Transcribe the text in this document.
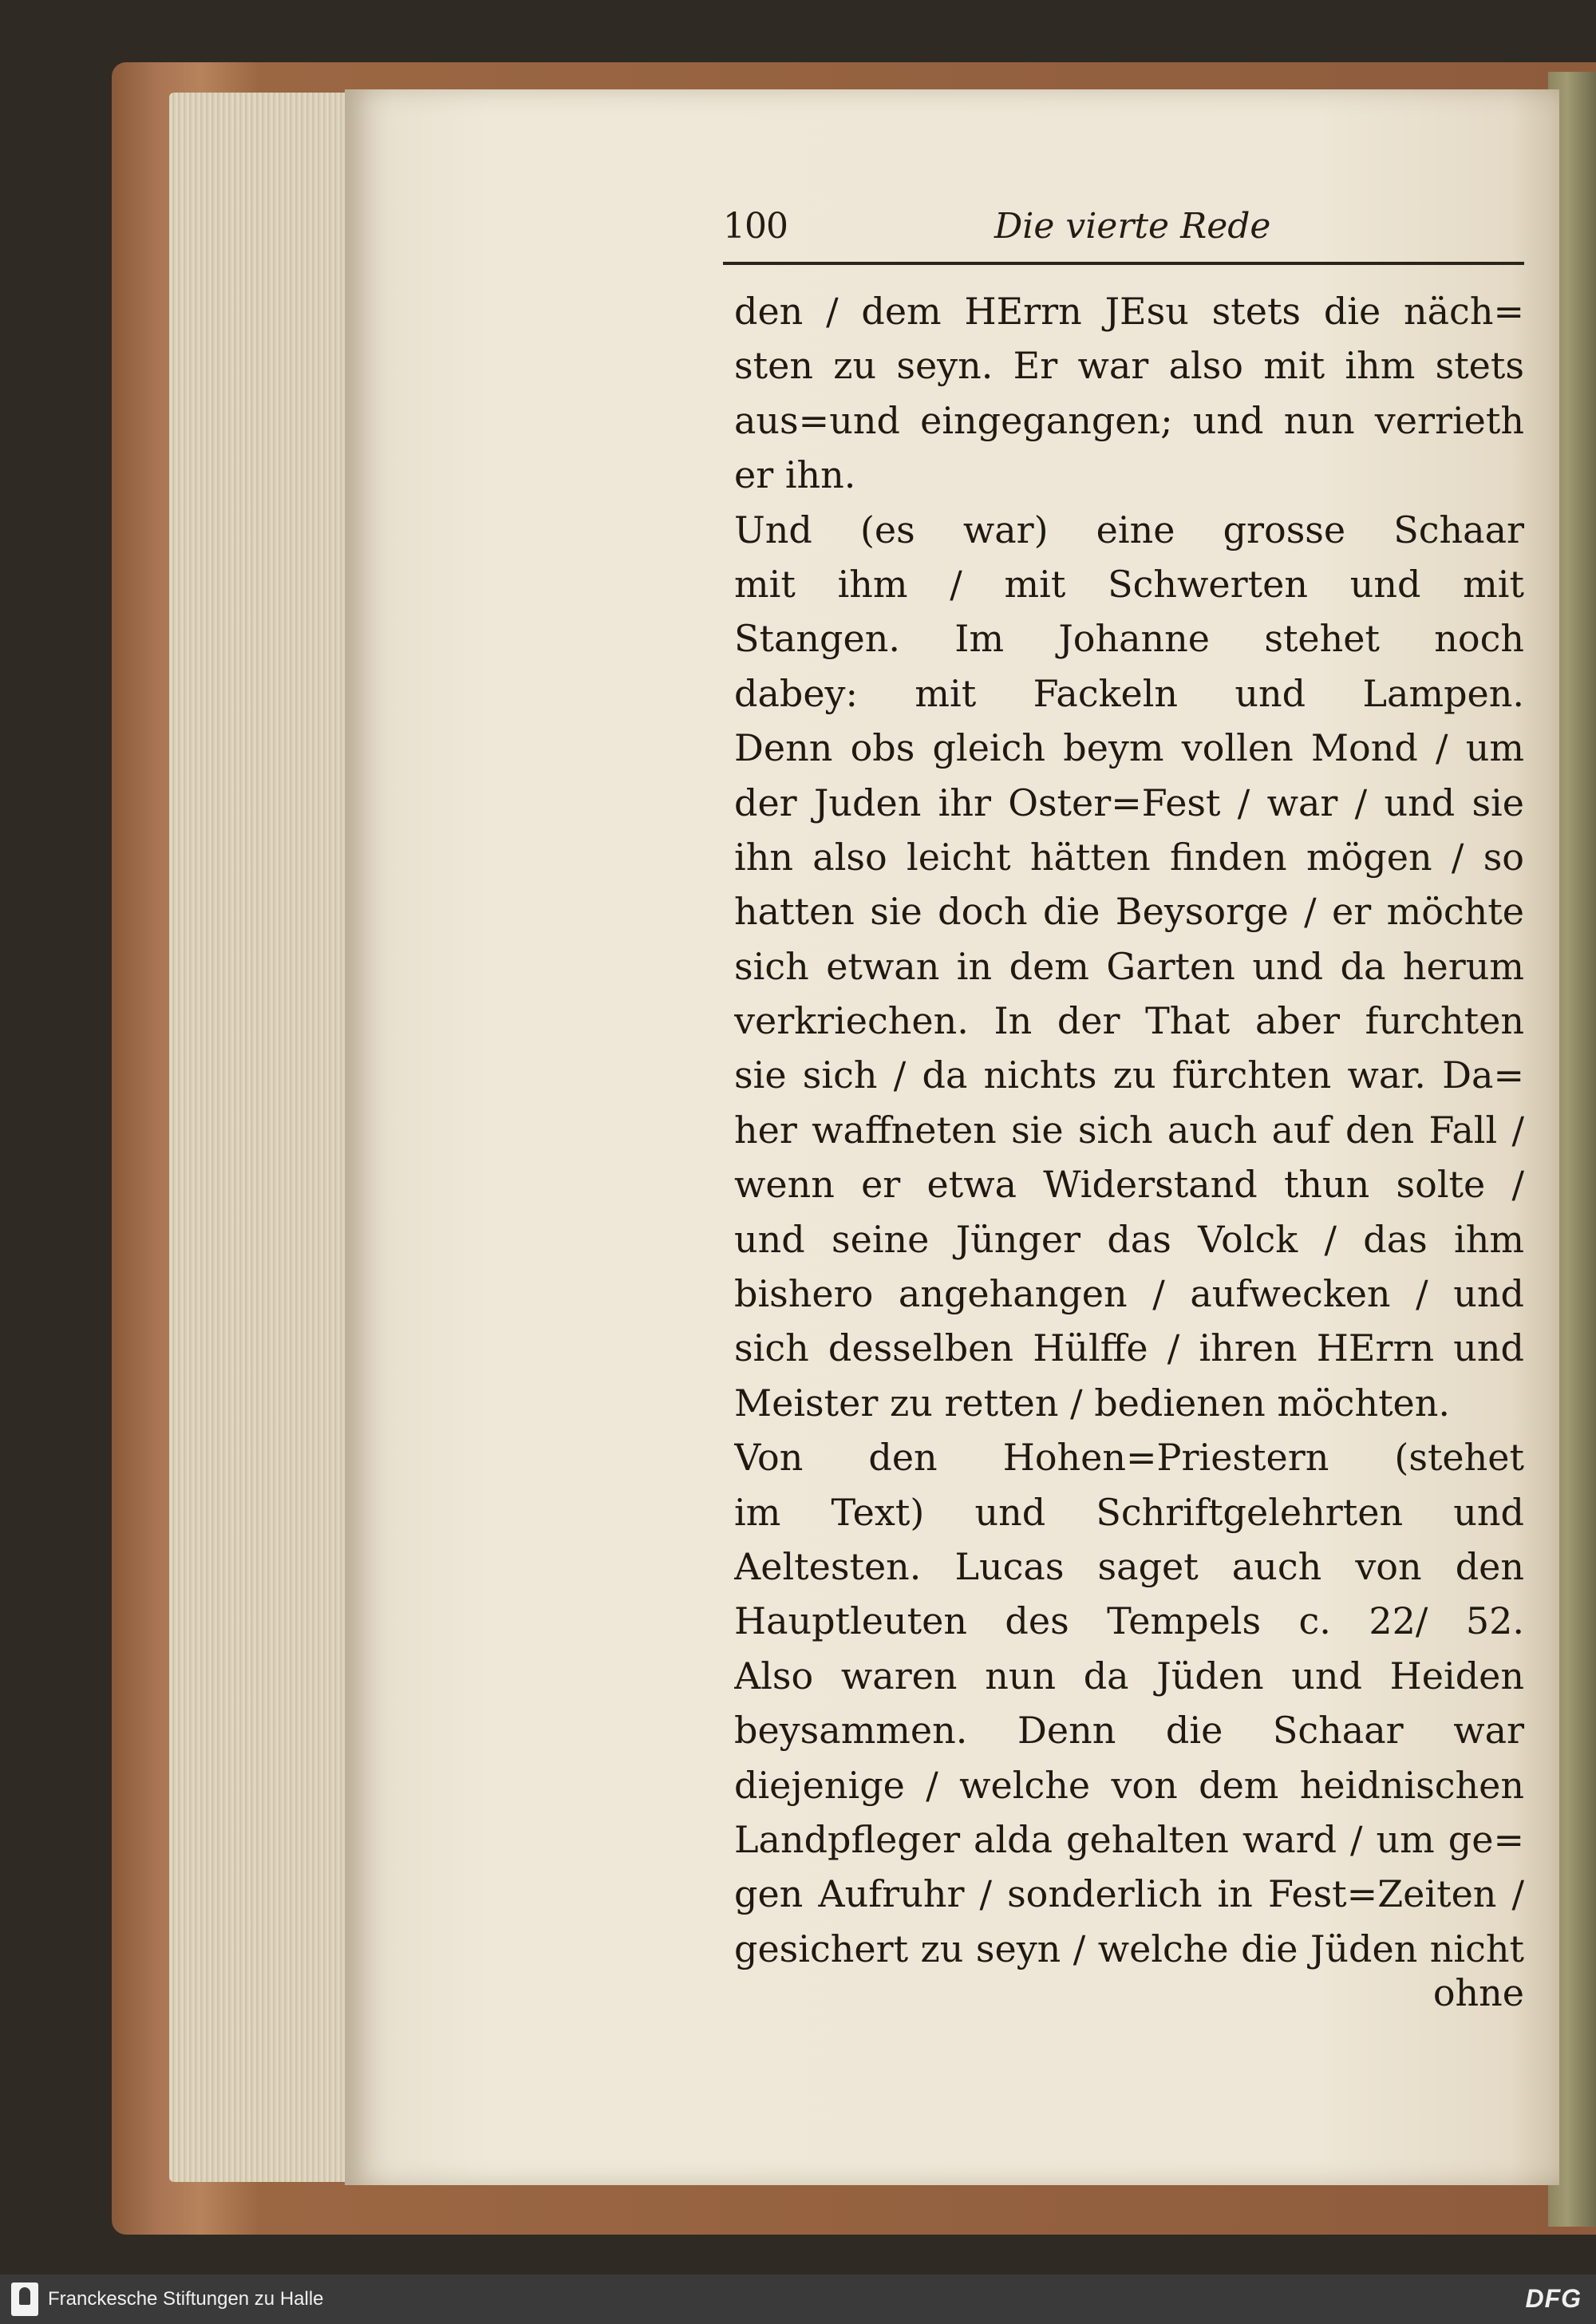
100	Die vierte Rede
den / dem HErrn JEsu stets die näch=
sten zu seyn. Er war also mit ihm stets
aus=und eingegangen; und nun verrieth
er ihn.
Und (es war) eine grosse Schaar
mit ihm / mit Schwerten und mit
Stangen. Im Johanne stehet noch
dabey: mit Fackeln und Lampen.
Denn obs gleich beym vollen Mond / um
der Juden ihr Oster=Fest / war / und sie
ihn also leicht hätten finden mögen / so
hatten sie doch die Beysorge / er möchte
sich etwan in dem Garten und da herum
verkriechen. In der That aber furchten
sie sich / da nichts zu fürchten war. Da=
her waffneten sie sich auch auf den Fall /
wenn er etwa Widerstand thun solte /
und seine Jünger das Volck / das ihm
bishero angehangen / aufwecken / und
sich desselben Hülffe / ihren HErrn und
Meister zu retten / bedienen möchten.
Von den Hohen=Priestern (stehet
im Text) und Schriftgelehrten und
Aeltesten. Lucas saget auch von den
Hauptleuten des Tempels c. 22/ 52.
Also waren nun da Jüden und Heiden
beysammen. Denn die Schaar war
diejenige / welche von dem heidnischen
Landpfleger alda gehalten ward / um ge=
gen Aufruhr / sonderlich in Fest=Zeiten /
gesichert zu seyn / welche die Jüden nicht
ohne
Franckesche Stiftungen zu Halle	DFG
